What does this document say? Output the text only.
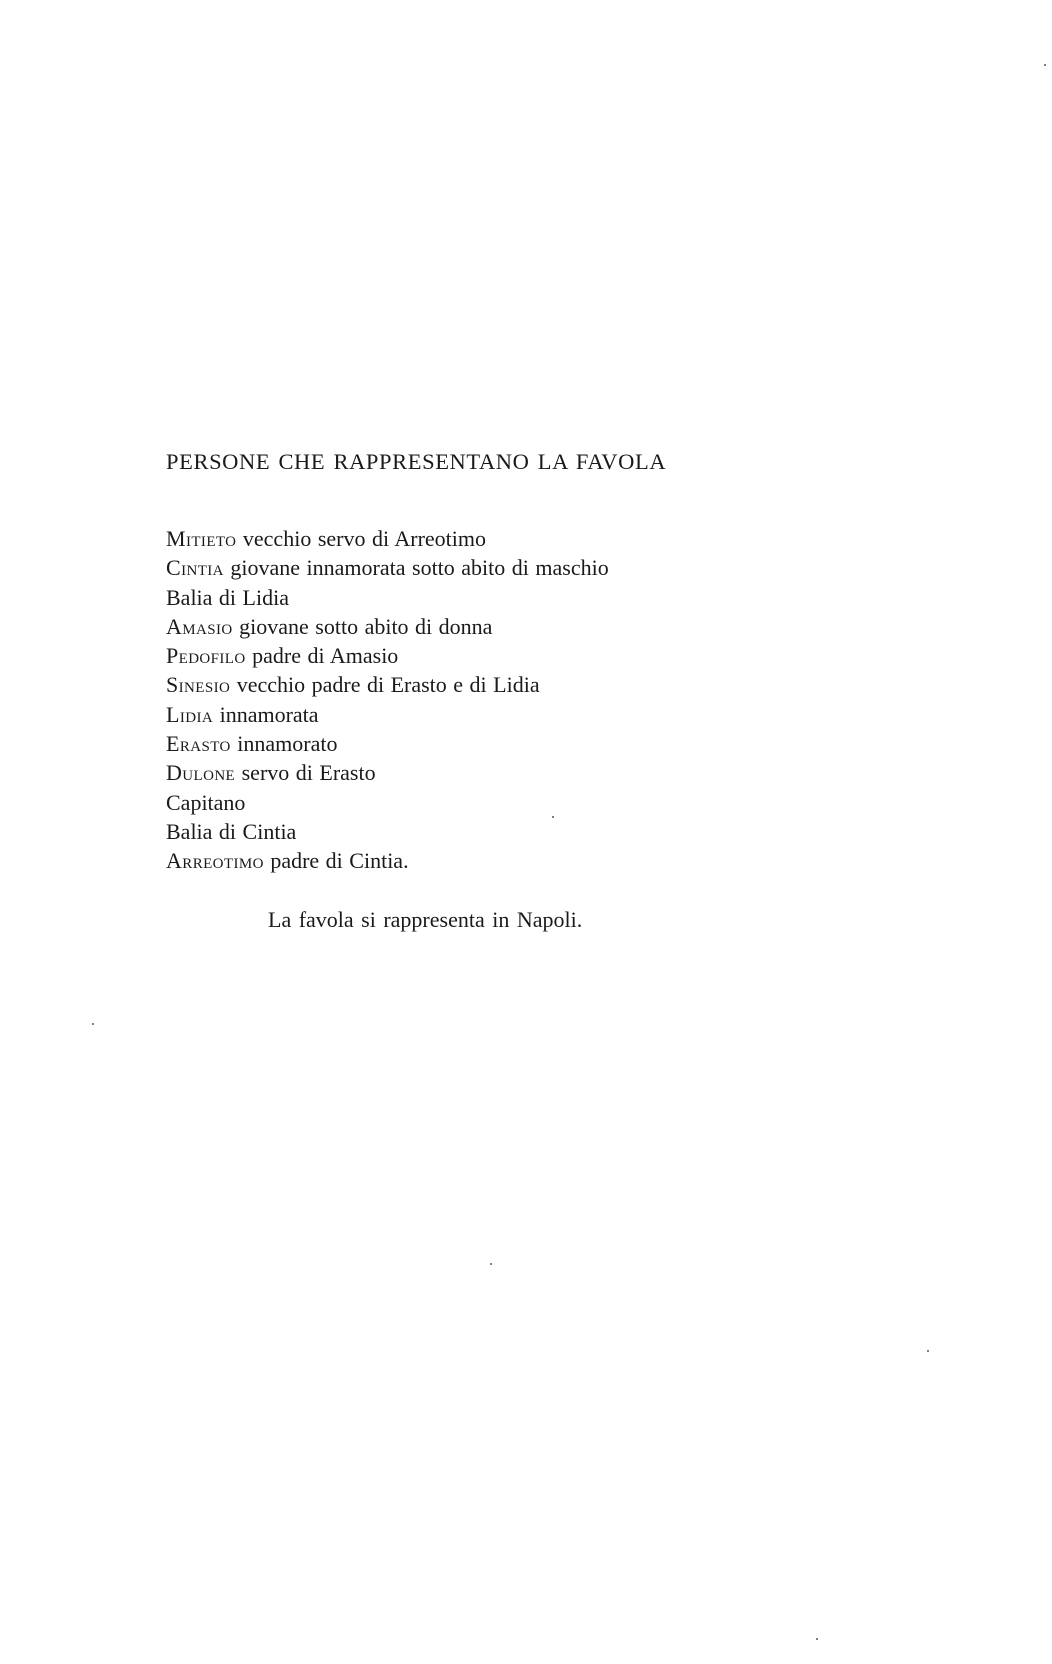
PERSONE CHE RAPPRESENTANO LA FAVOLA
Mitieto vecchio servo di Arreotimo
Cintia giovane innamorata sotto abito di maschio
Balia di Lidia
Amasio giovane sotto abito di donna
Pedofilo padre di Amasio
Sinesio vecchio padre di Erasto e di Lidia
Lidia innamorata
Erasto innamorato
Dulone servo di Erasto
Capitano
Balia di Cintia
Arreotimo padre di Cintia.

La favola si rappresenta in Napoli.
